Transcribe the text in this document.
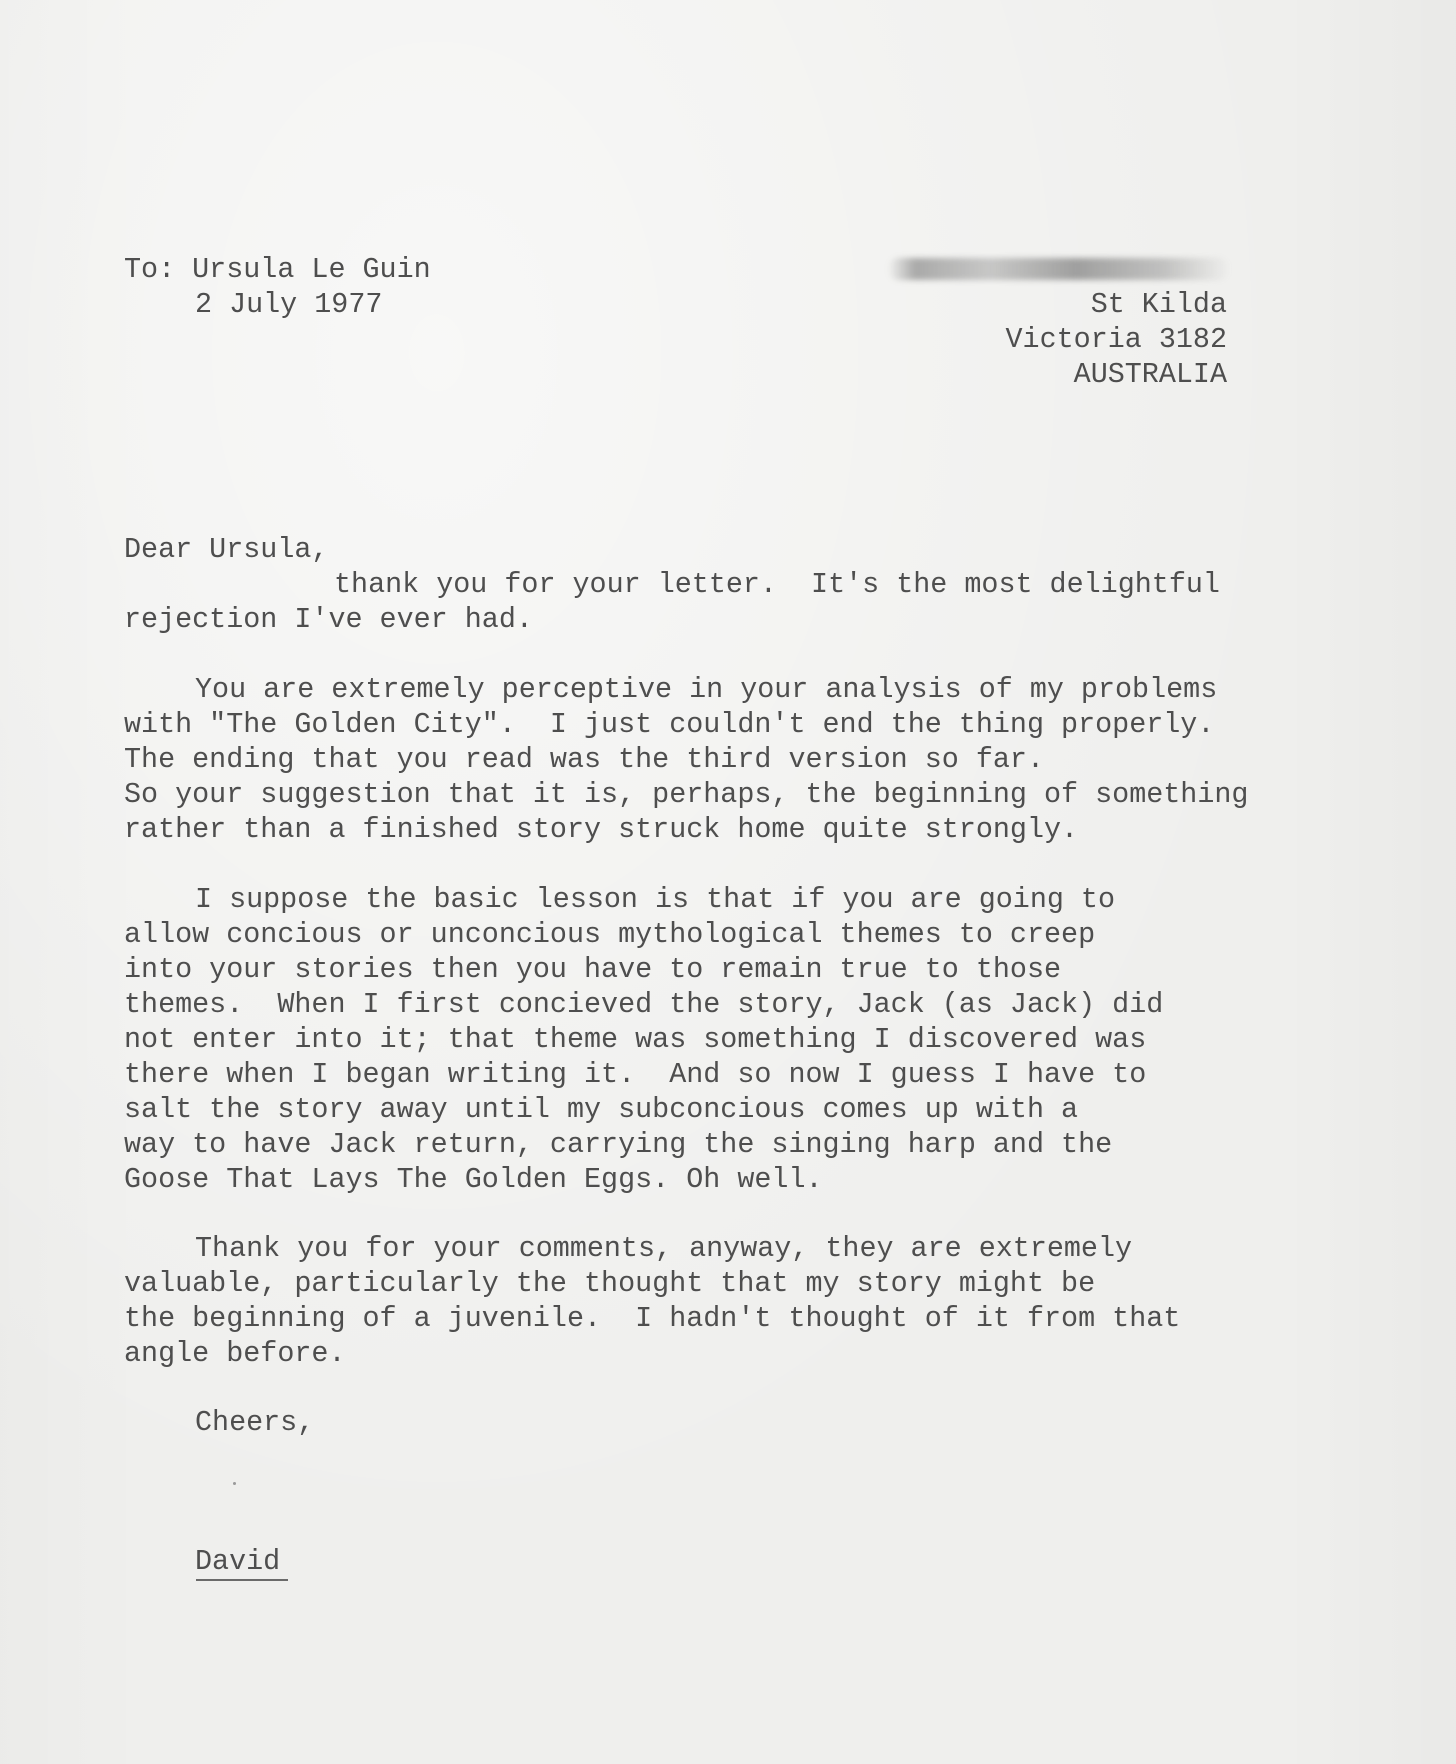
To: Ursula Le Guin

2 July 1977	St Kilda

Victoria 3182

AUSTRALIA

Dear Ursula,

thank you for your letter.  It's the most delightful

rejection I've ever had.

You are extremely perceptive in your analysis of my problems

with "The Golden City".  I just couldn't end the thing properly.

The ending that you read was the third version so far.

So your suggestion that it is, perhaps, the beginning of something

rather than a finished story struck home quite strongly.

I suppose the basic lesson is that if you are going to

allow concious or unconcious mythological themes to creep

into your stories then you have to remain true to those

themes.  When I first concieved the story, Jack (as Jack) did

not enter into it; that theme was something I discovered was

there when I began writing it.  And so now I guess I have to

salt the story away until my subconcious comes up with a

way to have Jack return, carrying the singing harp and the

Goose That Lays The Golden Eggs. Oh well.

Thank you for your comments, anyway, they are extremely

valuable, particularly the thought that my story might be

the beginning of a juvenile.  I hadn't thought of it from that

angle before.

Cheers,

David
